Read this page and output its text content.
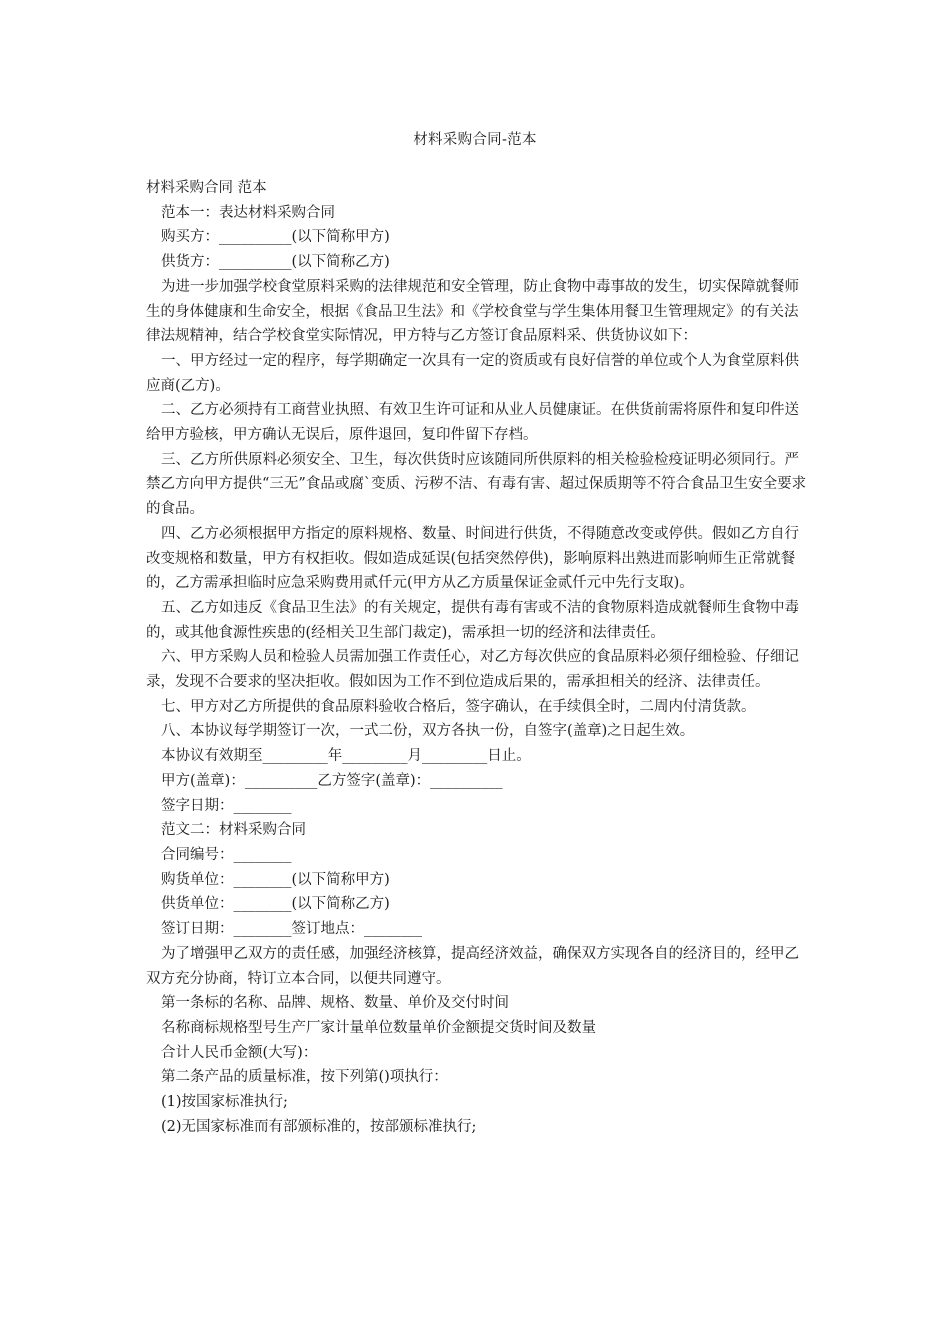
材料采购合同-范本

材料采购合同 范本

范本一：表达材料采购合同

购买方：__________(以下简称甲方)

供货方：__________(以下简称乙方)

为进一步加强学校食堂原料采购的法律规范和安全管理，防止食物中毒事故的发生，切实保障就餐师生的身体健康和生命安全，根据《食品卫生法》和《学校食堂与学生集体用餐卫生管理规定》的有关法律法规精神，结合学校食堂实际情况，甲方特与乙方签订食品原料采、供货协议如下：

一、甲方经过一定的程序，每学期确定一次具有一定的资质或有良好信誉的单位或个人为食堂原料供应商(乙方)。

二、乙方必须持有工商营业执照、有效卫生许可证和从业人员健康证。在供货前需将原件和复印件送给甲方验核，甲方确认无误后，原件退回，复印件留下存档。

三、乙方所供原料必须安全、卫生，每次供货时应该随同所供原料的相关检验检疫证明必须同行。严禁乙方向甲方提供“三无”食品或腐`变质、污秽不洁、有毒有害、超过保质期等不符合食品卫生安全要求的食品。

四、乙方必须根据甲方指定的原料规格、数量、时间进行供货，不得随意改变或停供。假如乙方自行改变规格和数量，甲方有权拒收。假如造成延误(包括突然停供)，影响原料出熟进而影响师生正常就餐的，乙方需承担临时应急采购费用贰仟元(甲方从乙方质量保证金贰仟元中先行支取)。

五、乙方如违反《食品卫生法》的有关规定，提供有毒有害或不洁的食物原料造成就餐师生食物中毒的，或其他食源性疾患的(经相关卫生部门裁定)，需承担一切的经济和法律责任。

六、甲方采购人员和检验人员需加强工作责任心，对乙方每次供应的食品原料必须仔细检验、仔细记录，发现不合要求的坚决拒收。假如因为工作不到位造成后果的，需承担相关的经济、法律责任。

七、甲方对乙方所提供的食品原料验收合格后，签字确认，在手续俱全时，二周内付清货款。

八、本协议每学期签订一次，一式二份，双方各执一份，自签字(盖章)之日起生效。

本协议有效期至_________年_________月_________日止。

甲方(盖章)：__________乙方签字(盖章)：__________

签字日期：________

范文二：材料采购合同

合同编号：________

购货单位：________(以下简称甲方)

供货单位：________(以下简称乙方)

签订日期：________签订地点：________

为了增强甲乙双方的责任感，加强经济核算，提高经济效益，确保双方实现各自的经济目的，经甲乙双方充分协商，特订立本合同，以便共同遵守。

第一条标的名称、品牌、规格、数量、单价及交付时间

名称商标规格型号生产厂家计量单位数量单价金额提交货时间及数量

合计人民币金额(大写)：

第二条产品的质量标准，按下列第()项执行：

(1)按国家标准执行;

(2)无国家标准而有部颁标准的，按部颁标准执行;
